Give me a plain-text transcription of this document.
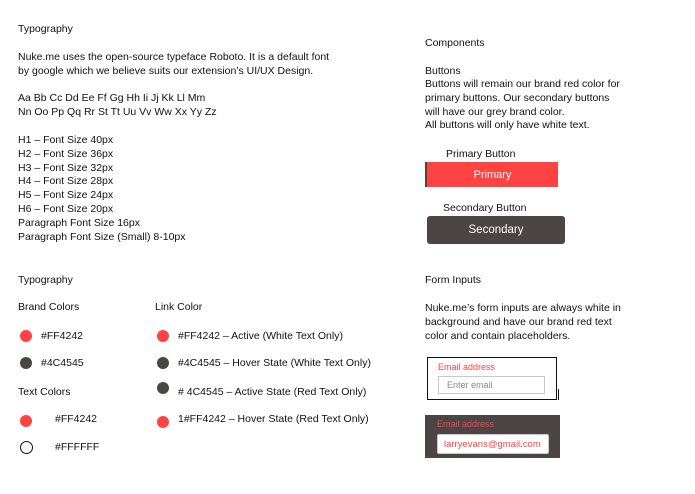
Typography
Nuke.me uses the open-source typeface Roboto. It is a default font
by google which we believe suits our extension’s UI/UX Design.
Aa Bb Cc Dd Ee Ff Gg Hh Ii Jj Kk Ll Mm
Nn Oo Pp Qq Rr St Tt Uu Vv Ww Xx Yy Zz
H1 – Font Size 40px
H2 – Font Size 36px
H3 – Font Size 32px
H4 – Font Size 28px
H5 – Font Size 24px
H6 – Font Size 20px
Paragraph Font Size 16px
Paragraph Font Size (Small) 8-10px
Typography
Brand Colors
#FF4242
#4C4545
Text Colors
#FF4242
#FFFFFF
Link Color
#FF4242 – Active (White Text Only)
#4C4545 – Hover State (White Text Only)
# 4C4545 – Active State (Red Text Only)
1#FF4242 – Hover State (Red Text Only)
Components
Buttons
Buttons will remain our brand red color for
primary buttons. Our secondary buttons
will have our grey brand color.
All buttons will only have white text.
Primary Button
Primary
Secondary Button
Secondary
Form Inputs
Nuke.me’s form inputs are always white in
background and have our brand red text
color and contain placeholders.
Email address
Enter email
Email address
larryevans@gmail.com
